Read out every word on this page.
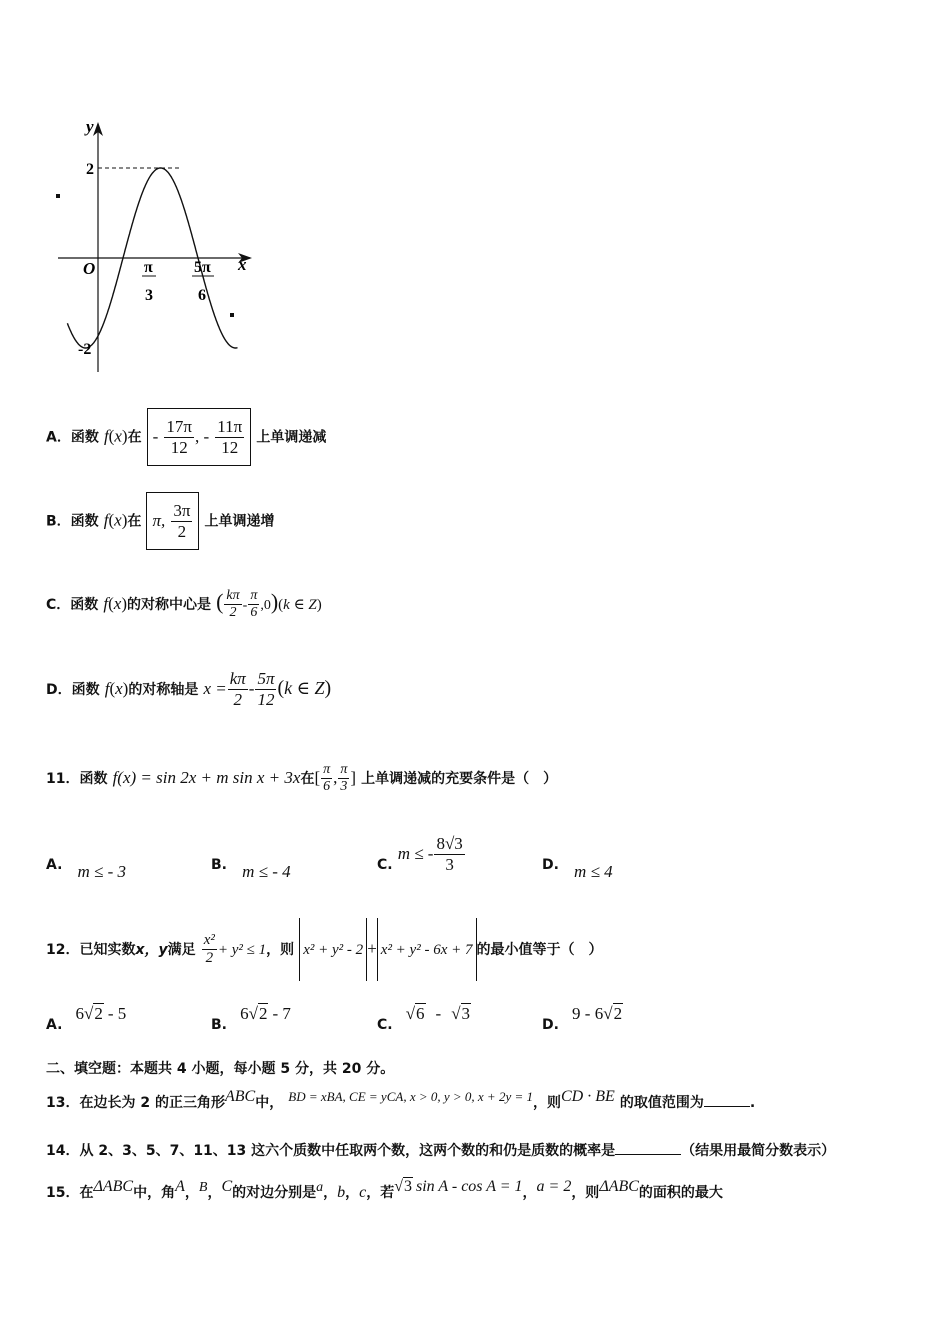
y
x
O
2
-2
π
3
5π
6
A．函数 f(x)在 - $\frac{17\pi}{12}$ , - $\frac{11\pi}{12}$ 上单调递减
B．函数 f(x)在 π, $\frac{3\pi}{2}$ 上单调递增
C．函数 f(x)的对称中心是 ( $\frac{k\pi}{2} - \frac{\pi}{6} ,0)(k$ ∈ Z)
D．函数 f(x)的对称轴是 $x = \frac{k\pi}{2} - \frac{5\pi}{12} (k$ ∈ Z)
11．函数 f(x) = sin 2x + m sin x + 3x在[ $\frac{\pi}{6}$ , $\frac{\pi}{3}$ ] 上单调递减的充要条件是（　）
A. m ≤ - 3	B. m ≤ - 4	C. m ≤ - $\frac{8√3}{3}$	D. m ≤ 4
12．已知实数x，y满足 $\frac{\text{x²}}{2} + y^2 \le 1$，则 x² + y² - 2 + x² + y² - 6x + 7 的最小值等于（　）
A. 6√2 - 5
B. 6√2 - 7
C. √6 - √3
D. 9 - 6√2
二、填空题：本题共 4 小题，每小题 5 分，共 20 分。
13．在边长为 2 的正三角形ABC中， $^{BD = xBA, CE = yCA, x > 0, y > 0, x + 2y = 1}$，则CD · BE 的取值范围为	.
14．从 2、3、5、7、11、13 这六个质数中任取两个数，这两个数的和仍是质数的概率是	（结果用最简分数表示）
15．在ΔABC中，角A，B，C的对边分别是a，b，c，若√3 sin A - cos A = 1，a = 2，则ΔABC的面积的最大
